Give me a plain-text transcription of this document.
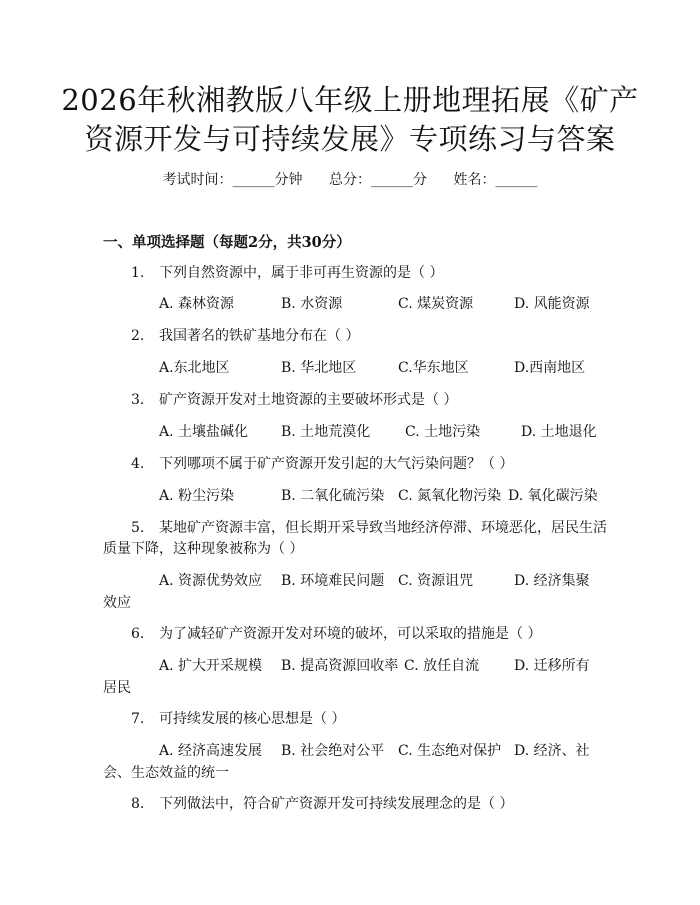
2026年秋湘教版八年级上册地理拓展《矿产
资源开发与可持续发展》专项练习与答案
考试时间：______分钟 总分：______分 姓名：______
一、单项选择题（每题2分，共30分）
1. 下列自然资源中，属于非可再生资源的是（ ）
A. 森林资源	B. 水资源	C. 煤炭资源	D. 风能资源
2. 我国著名的铁矿基地分布在（ ）
A.东北地区	B. 华北地区	C.华东地区	D.西南地区
3. 矿产资源开发对土地资源的主要破坏形式是（ ）
A. 土壤盐碱化 B. 土地荒漠化 C. 土地污染	D. 土地退化
4. 下列哪项不属于矿产资源开发引起的大气污染问题？（ ）
A. 粉尘污染	B. 二氧化硫污染 C. 氮氧化物污染 D. 氧化碳污染
5. 某地矿产资源丰富，但长期开采导致当地经济停滞、环境恶化，居民生活
质量下降，这种现象被称为（ ）
A. 资源优势效应 B. 环境难民问题 C. 资源诅咒	D. 经济集聚
效应
6. 为了减轻矿产资源开发对环境的破坏，可以采取的措施是（ ）
A. 扩大开采规模 B. 提高资源回收率 C. 放任自流 D. 迁移所有
居民
7. 可持续发展的核心思想是（ ）
A. 经济高速发展 B. 社会绝对公平 C. 生态绝对保护 D. 经济、社
会、生态效益的统一
8. 下列做法中，符合矿产资源开发可持续发展理念的是（ ）
